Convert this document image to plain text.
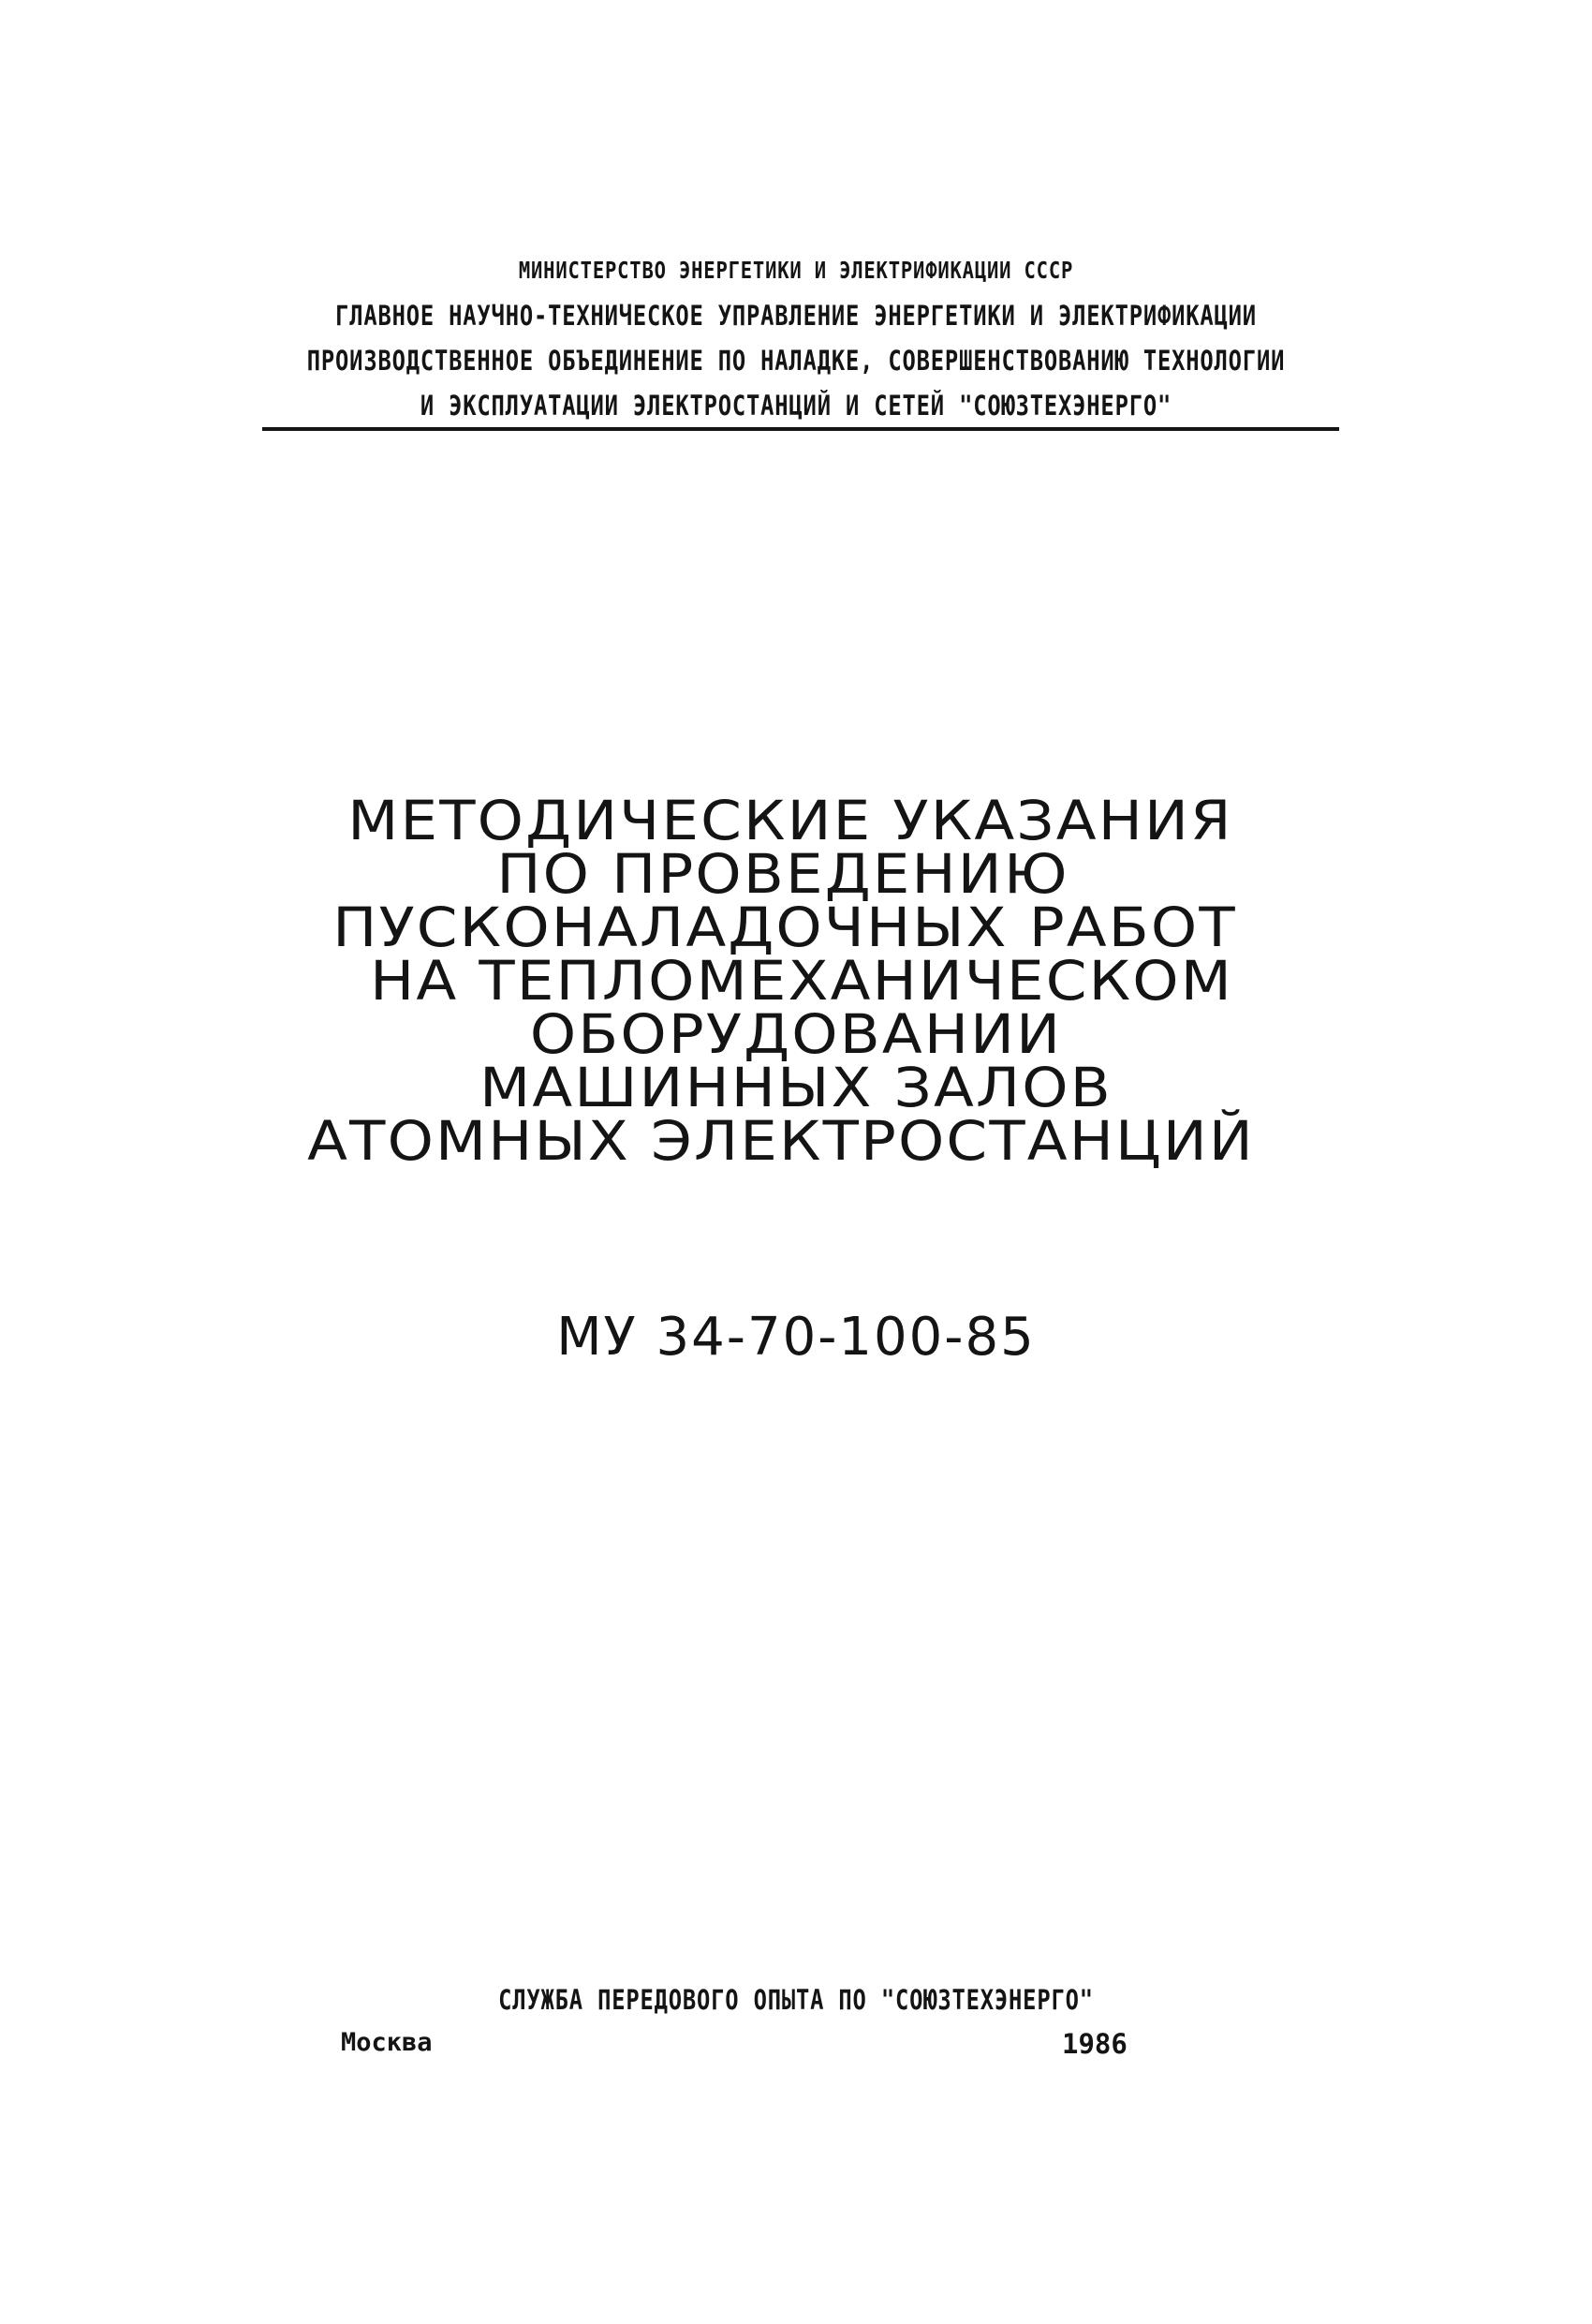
МИНИСТЕРСТВО ЭНЕРГЕТИКИ И ЭЛЕКТРИФИКАЦИИ СССР
ГЛАВНОЕ НАУЧНО-ТЕХНИЧЕСКОЕ УПРАВЛЕНИЕ ЭНЕРГЕТИКИ И ЭЛЕКТРИФИКАЦИИ
ПРОИЗВОДСТВЕННОЕ ОБЪЕДИНЕНИЕ ПО НАЛАДКЕ, СОВЕРШЕНСТВОВАНИЮ ТЕХНОЛОГИИ
И ЭКСПЛУАТАЦИИ ЭЛЕКТРОСТАНЦИЙ И СЕТЕЙ "СОЮЗТЕХЭНЕРГО"
МЕТОДИЧЕСКИЕ УКАЗАНИЯ
ПО ПРОВЕДЕНИЮ
ПУСКОНАЛАДОЧНЫХ РАБОТ
НА ТЕПЛОМЕХАНИЧЕСКОМ
ОБОРУДОВАНИИ
МАШИННЫХ ЗАЛОВ
АТОМНЫХ ЭЛЕКТРОСТАНЦИЙ
МУ 34-70-100-85
СЛУЖБА ПЕРЕДОВОГО ОПЫТА ПО "СОЮЗТЕХЭНЕРГО"
Москва	1986
